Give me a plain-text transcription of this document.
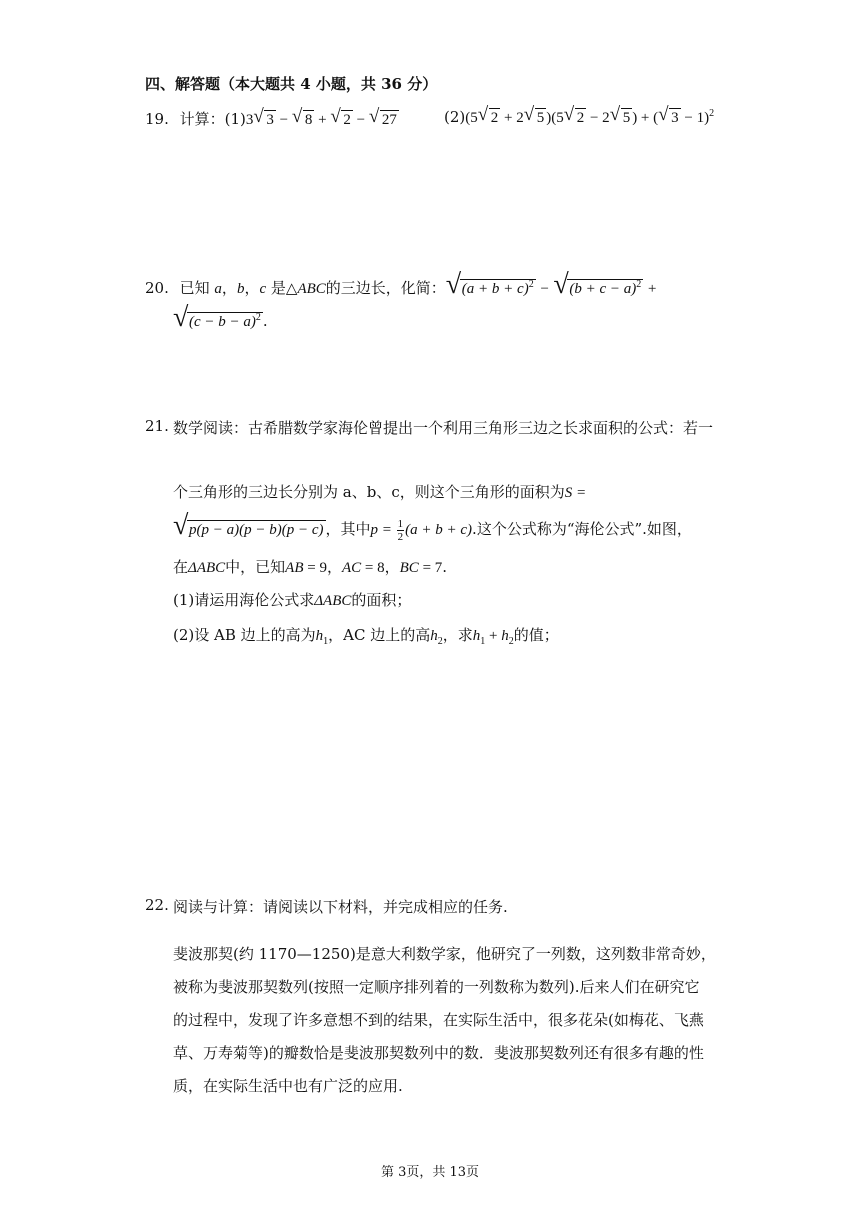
四、解答题（本大题共 4 小题，共 36 分）
19. 计算：(1)3 √ 3 − √ 8 + √ 2 − √ 27	(2)(5 √ 2 + 2 √ 5 )(5 √ 2 − 2 √ 5 ) + ( √ 3 − 1)$^2$
20. 已知 a，b，c 是△ABC的三边长，化简： √ $(a + b + c)^2$ − √ $(b + c - a)^2$ +
√ $(c - b - a)^2$ .
21. 数学阅读：古希腊数学家海伦曾提出一个利用三角形三边之长求面积的公式：若一
个三角形的三边长分别为 a、b、c，则这个三角形的面积为S =
√ p(p − a)(p − b)(p − c) ，其中$p = \frac{1}{2} (a + b + c)$.这个公式称为“海伦公式”.如图，
在ΔABC中，已知AB = 9，AC = 8，BC = 7.
(1)请运用海伦公式求ΔABC的面积；
(2)设 AB 边上的高为$h_1$，AC 边上的高$h_2$，求$h_1 + h_2$的值；
22. 阅读与计算：请阅读以下材料，并完成相应的任务.
斐波那契(约 1170—1250)是意大利数学家，他研究了一列数，这列数非常奇妙，
被称为斐波那契数列(按照一定顺序排列着的一列数称为数列).后来人们在研究它
的过程中，发现了许多意想不到的结果，在实际生活中，很多花朵(如梅花、飞燕
草、万寿菊等)的瓣数恰是斐波那契数列中的数．斐波那契数列还有很多有趣的性
质，在实际生活中也有广泛的应用.
第 3页，共 13页
